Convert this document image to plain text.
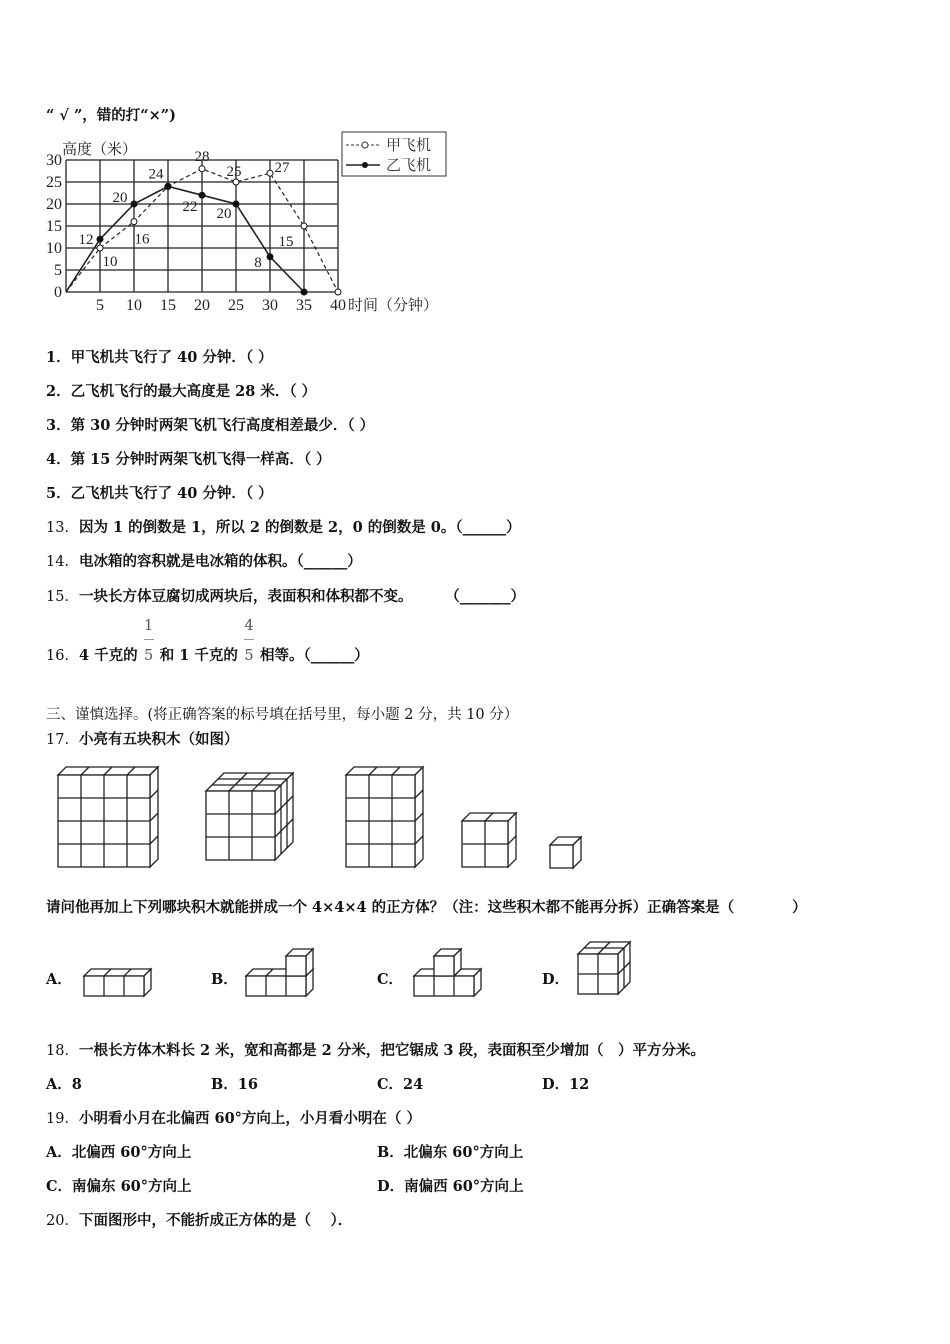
“ √ ”，错的打“×”)
0
5
10
15
20
25
30
5 10 15 20 25 30 35 40 时间（分钟）
高度（米）
10
16
28
25 27
15
12
20
24
22 20
8
甲飞机
乙飞机
1．甲飞机共飞行了 40 分钟．（ ）
2．乙飞机飞行的最大高度是 28 米．（ ）
3．第 30 分钟时两架飞机飞行高度相差最少．（ ）
4．第 15 分钟时两架飞机飞得一样高．（ ）
5．乙飞机共飞行了 40 分钟．（ ）
13．因为 1 的倒数是 1，所以 2 的倒数是 2，0 的倒数是 0。（______）
14．电冰箱的容积就是电冰箱的体积。（______）
15．一块长方体豆腐切成两块后，表面积和体积都不变。	（_______）
16．4 千克的 $\frac{1}{5}$ 和 1 千克的 $\frac{4}{5}$ 相等。（______）
三、谨慎选择。(将正确答案的标号填在括号里，每小题 2 分，共 10 分）
17．小亮有五块积木（如图）
请问他再加上下列哪块积木就能拼成一个 4×4×4 的正方体？（注：这些积木都不能再分拆）正确答案是（　　　　）
A．	B．	C．	D．
18．一根长方体木料长 2 米，宽和高都是 2 分米，把它锯成 3 段，表面积至少增加（　）平方分米。
A．8	B．16	C．24	D．12
19．小明看小月在北偏西 60°方向上，小月看小明在（ ）
A．北偏西 60°方向上	B．北偏东 60°方向上
C．南偏东 60°方向上	D．南偏西 60°方向上
20．下面图形中，不能折成正方体的是（　 ）．
